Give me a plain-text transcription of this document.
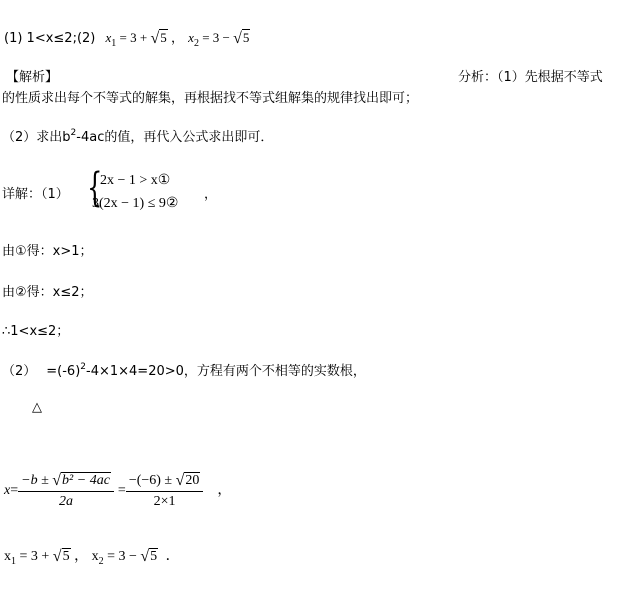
(1) 1<x≤2;(2) $x_1 = 3 + √5$ ， $x_2 = 3 - √5$
【解析】	分析：（1）先根据不等式
的性质求出每个不等式的解集，再根据找不等式组解集的规律找出即可；
（2）求出$b^2-4ac$的值，再代入公式求出即可．
详解：（1） {
2x − 1 > x①
3(2x − 1) ≤ 9②
，
由①得：x>1；
由②得：x≤2；
∴1<x≤2；
$(2) =(-6)^2-4\times 1\times 4=20>0$，方程有两个不相等的实数根，
△
$x = \frac{\text{−b ± √b² − 4ac}}{2a} = \frac{-(-6) \pm √20}{2\times 1}$ ，
$x_1 = 3 + √5$ ， $x_2 = 3 - √5$ ．
